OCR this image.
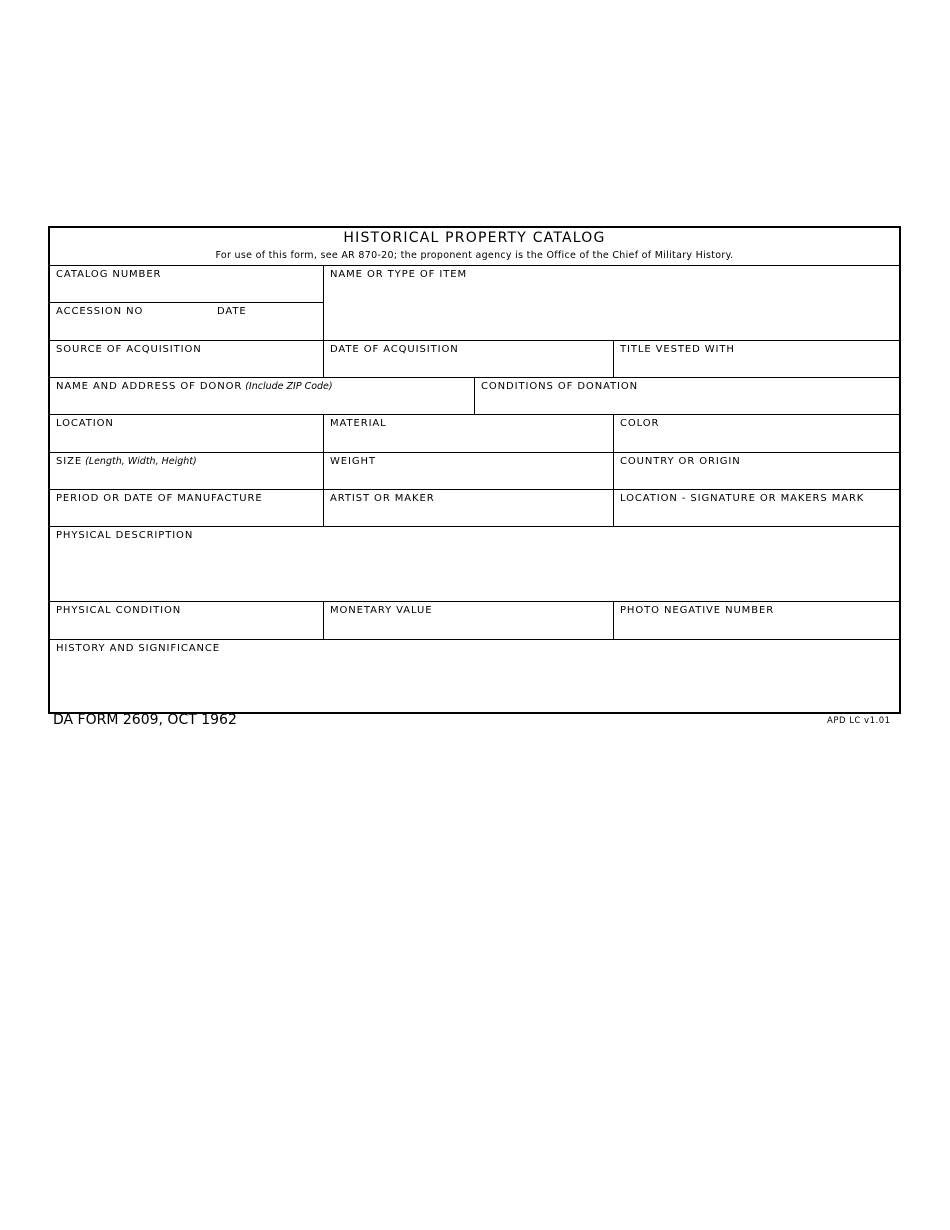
HISTORICAL PROPERTY CATALOG
For use of this form, see AR 870-20; the proponent agency is the Office of the Chief of Military History.
CATALOG NUMBER
ACCESSION NO	DATE
NAME OR TYPE OF ITEM
SOURCE OF ACQUISITION	DATE OF ACQUISITION	TITLE VESTED WITH
NAME AND ADDRESS OF DONOR (Include ZIP Code)	CONDITIONS OF DONATION
LOCATION	MATERIAL	COLOR
SIZE (Length, Width, Height)	WEIGHT	COUNTRY OR ORIGIN
PERIOD OR DATE OF MANUFACTURE	ARTIST OR MAKER	LOCATION - SIGNATURE OR MAKERS MARK
PHYSICAL DESCRIPTION
PHYSICAL CONDITION	MONETARY VALUE	PHOTO NEGATIVE NUMBER
HISTORY AND SIGNIFICANCE
DA FORM 2609, OCT 1962	APD LC v1.01
